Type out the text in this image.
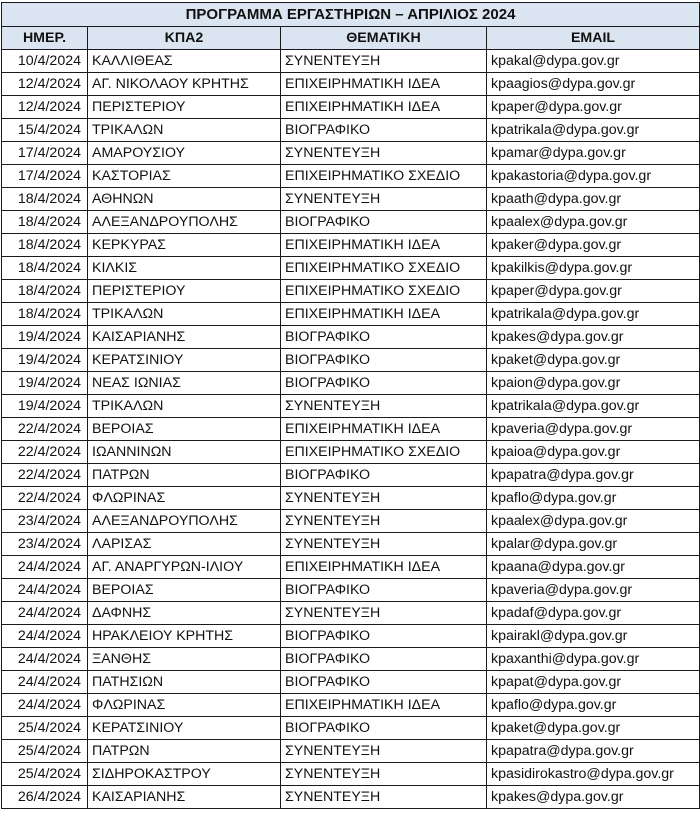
ΠΡΟΓΡΑΜΜΑ ΕΡΓΑΣΤΗΡΙΩΝ – ΑΠΡΙΛΙΟΣ 2024			
ΗΜΕΡ.	ΚΠΑ2	ΘΕΜΑΤΙΚΗ	EMAIL
10/4/2024	ΚΑΛΛΙΘΕΑΣ	ΣΥΝΕΝΤΕΥΞΗ	kpakal@dypa.gov.gr
12/4/2024	ΑΓ. ΝΙΚΟΛΑΟΥ ΚΡΗΤΗΣ	ΕΠΙΧΕΙΡΗΜΑΤΙΚΗ ΙΔΕΑ	kpaagios@dypa.gov.gr
12/4/2024	ΠΕΡΙΣΤΕΡΙΟΥ	ΕΠΙΧΕΙΡΗΜΑΤΙΚΗ ΙΔΕΑ	kpaper@dypa.gov.gr
15/4/2024	ΤΡΙΚΑΛΩΝ	ΒΙΟΓΡΑΦΙΚΟ	kpatrikala@dypa.gov.gr
17/4/2024	ΑΜΑΡΟΥΣΙΟΥ	ΣΥΝΕΝΤΕΥΞΗ	kpamar@dypa.gov.gr
17/4/2024	ΚΑΣΤΟΡΙΑΣ	ΕΠΙΧΕΙΡΗΜΑΤΙΚΟ ΣΧΕΔΙΟ	kpakastoria@dypa.gov.gr
18/4/2024	ΑΘΗΝΩΝ	ΣΥΝΕΝΤΕΥΞΗ	kpaath@dypa.gov.gr
18/4/2024	ΑΛΕΞΑΝΔΡΟΥΠΟΛΗΣ	ΒΙΟΓΡΑΦΙΚΟ	kpaalex@dypa.gov.gr
18/4/2024	ΚΕΡΚΥΡΑΣ	ΕΠΙΧΕΙΡΗΜΑΤΙΚΗ ΙΔΕΑ	kpaker@dypa.gov.gr
18/4/2024	ΚΙΛΚΙΣ	ΕΠΙΧΕΙΡΗΜΑΤΙΚΟ ΣΧΕΔΙΟ	kpakilkis@dypa.gov.gr
18/4/2024	ΠΕΡΙΣΤΕΡΙΟΥ	ΕΠΙΧΕΙΡΗΜΑΤΙΚΟ ΣΧΕΔΙΟ	kpaper@dypa.gov.gr
18/4/2024	ΤΡΙΚΑΛΩΝ	ΕΠΙΧΕΙΡΗΜΑΤΙΚΗ ΙΔΕΑ	kpatrikala@dypa.gov.gr
19/4/2024	ΚΑΙΣΑΡΙΑΝΗΣ	ΒΙΟΓΡΑΦΙΚΟ	kpakes@dypa.gov.gr
19/4/2024	ΚΕΡΑΤΣΙΝΙΟΥ	ΒΙΟΓΡΑΦΙΚΟ	kpaket@dypa.gov.gr
19/4/2024	ΝΕΑΣ ΙΩΝΙΑΣ	ΒΙΟΓΡΑΦΙΚΟ	kpaion@dypa.gov.gr
19/4/2024	ΤΡΙΚΑΛΩΝ	ΣΥΝΕΝΤΕΥΞΗ	kpatrikala@dypa.gov.gr
22/4/2024	ΒΕΡΟΙΑΣ	ΕΠΙΧΕΙΡΗΜΑΤΙΚΗ ΙΔΕΑ	kpaveria@dypa.gov.gr
22/4/2024	ΙΩΑΝΝΙΝΩΝ	ΕΠΙΧΕΙΡΗΜΑΤΙΚΟ ΣΧΕΔΙΟ	kpaioa@dypa.gov.gr
22/4/2024	ΠΑΤΡΩΝ	ΒΙΟΓΡΑΦΙΚΟ	kpapatra@dypa.gov.gr
22/4/2024	ΦΛΩΡΙΝΑΣ	ΣΥΝΕΝΤΕΥΞΗ	kpaflo@dypa.gov.gr
23/4/2024	ΑΛΕΞΑΝΔΡΟΥΠΟΛΗΣ	ΣΥΝΕΝΤΕΥΞΗ	kpaalex@dypa.gov.gr
23/4/2024	ΛΑΡΙΣΑΣ	ΣΥΝΕΝΤΕΥΞΗ	kpalar@dypa.gov.gr
24/4/2024	ΑΓ. ΑΝΑΡΓΥΡΩΝ-ΙΛΙΟΥ	ΕΠΙΧΕΙΡΗΜΑΤΙΚΗ ΙΔΕΑ	kpaana@dypa.gov.gr
24/4/2024	ΒΕΡΟΙΑΣ	ΒΙΟΓΡΑΦΙΚΟ	kpaveria@dypa.gov.gr
24/4/2024	ΔΑΦΝΗΣ	ΣΥΝΕΝΤΕΥΞΗ	kpadaf@dypa.gov.gr
24/4/2024	ΗΡΑΚΛΕΙΟΥ ΚΡΗΤΗΣ	ΒΙΟΓΡΑΦΙΚΟ	kpairakl@dypa.gov.gr
24/4/2024	ΞΑΝΘΗΣ	ΒΙΟΓΡΑΦΙΚΟ	kpaxanthi@dypa.gov.gr
24/4/2024	ΠΑΤΗΣΙΩΝ	ΒΙΟΓΡΑΦΙΚΟ	kpapat@dypa.gov.gr
24/4/2024	ΦΛΩΡΙΝΑΣ	ΕΠΙΧΕΙΡΗΜΑΤΙΚΗ ΙΔΕΑ	kpaflo@dypa.gov.gr
25/4/2024	ΚΕΡΑΤΣΙΝΙΟΥ	ΒΙΟΓΡΑΦΙΚΟ	kpaket@dypa.gov.gr
25/4/2024	ΠΑΤΡΩΝ	ΣΥΝΕΝΤΕΥΞΗ	kpapatra@dypa.gov.gr
25/4/2024	ΣΙΔΗΡΟΚΑΣΤΡΟΥ	ΣΥΝΕΝΤΕΥΞΗ	kpasidirokastro@dypa.gov.gr
26/4/2024	ΚΑΙΣΑΡΙΑΝΗΣ	ΣΥΝΕΝΤΕΥΞΗ	kpakes@dypa.gov.gr
